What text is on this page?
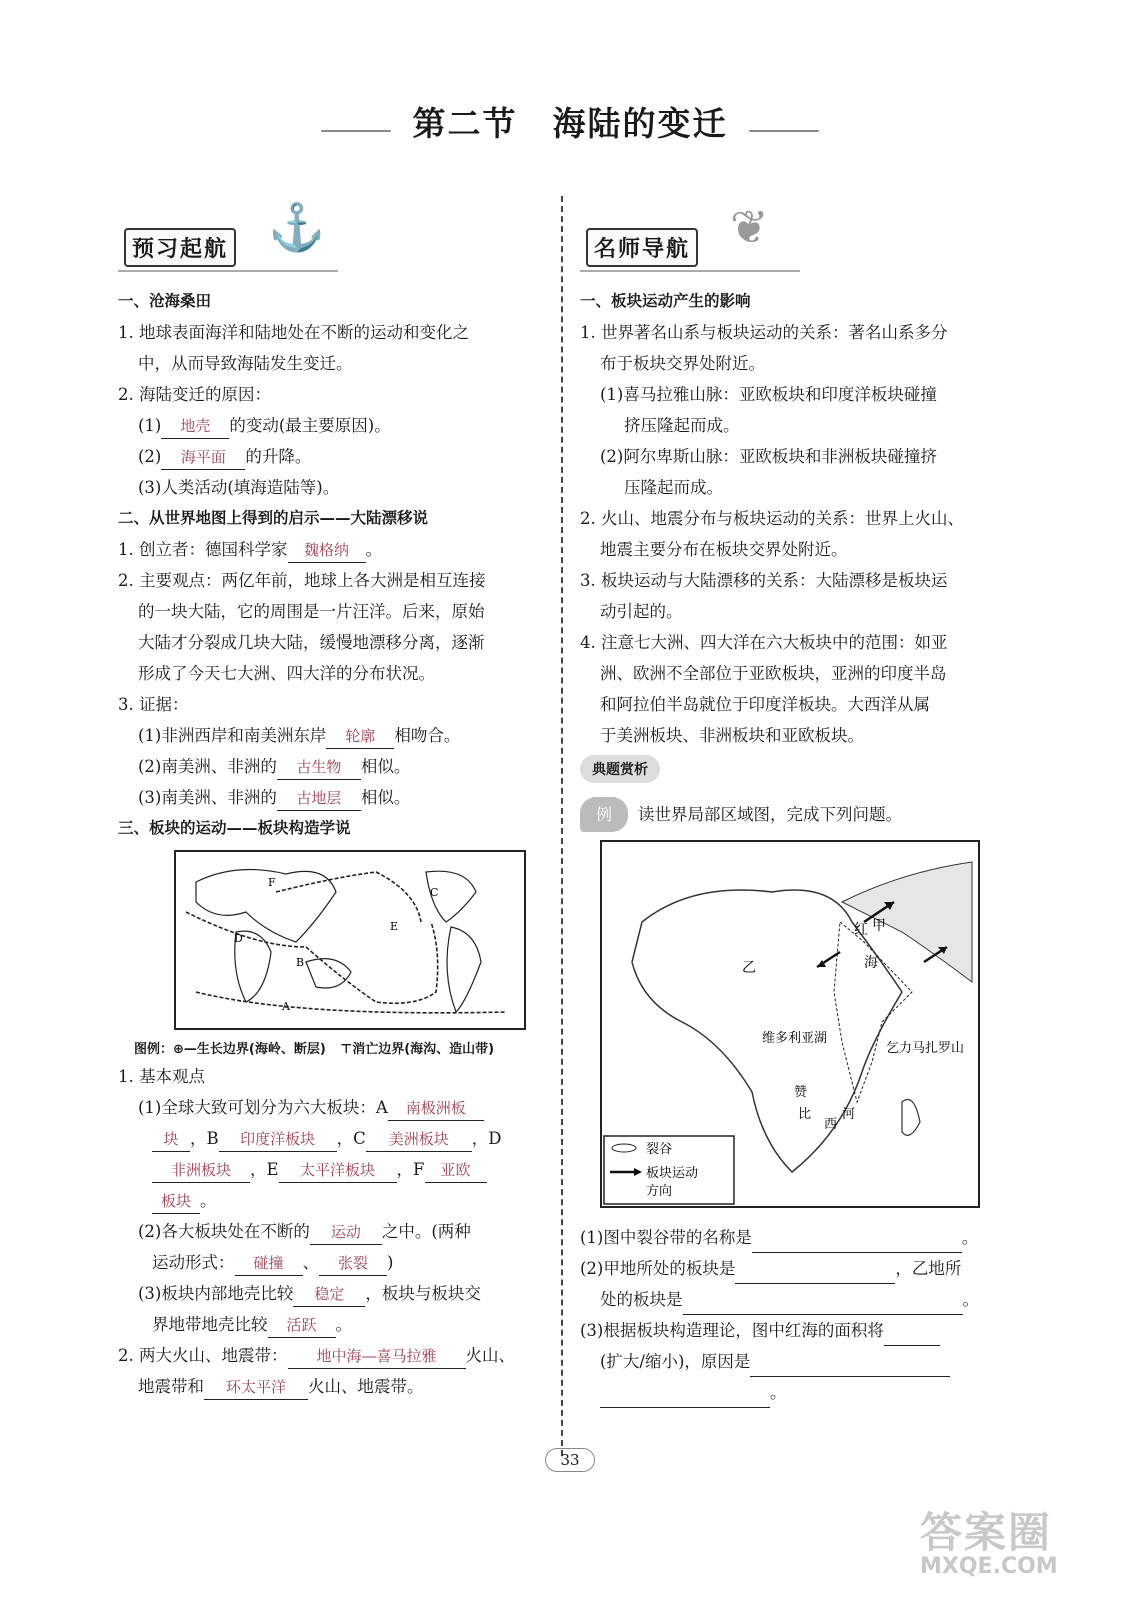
第二节　海陆的变迁
⚓
预习起航
一、沧海桑田
1. 地球表面海洋和陆地处在不断的运动和变化之
中，从而导致海陆发生变迁。
2. 海陆变迁的原因：
(1) 地壳 的变动(最主要原因)。
(2) 海平面 的升降。
(3)人类活动(填海造陆等)。
二、从世界地图上得到的启示——大陆漂移说
1. 创立者：德国科学家 魏格纳 。
2. 主要观点：两亿年前，地球上各大洲是相互连接
的一块大陆，它的周围是一片汪洋。后来，原始
大陆才分裂成几块大陆，缓慢地漂移分离，逐渐
形成了今天七大洲、四大洋的分布状况。
3. 证据：
(1)非洲西岸和南美洲东岸 轮廓 相吻合。
(2)南美洲、非洲的 古生物 相似。
(3)南美洲、非洲的 古地层 相似。
三、板块的运动——板块构造学说
F
C
D
B
E
A
图例：⊕—生长边界(海岭、断层) ⊤消亡边界(海沟、造山带)
1. 基本观点
(1)全球大致可划分为六大板块：A 南极洲板
块 ，B 印度洋板块 ，C 美洲板块 ，D
非洲板块 ，E 太平洋板块 ，F 亚欧
板块 。
(2)各大板块处在不断的 运动 之中。(两种
运动形式： 碰撞 、 张裂 )
(3)板块内部地壳比较 稳定 ，板块与板块交
界地带地壳比较 活跃 。
2. 两大火山、地震带： 地中海—喜马拉雅 火山、
地震带和 环太平洋 火山、地震带。
❦
名师导航
一、板块运动产生的影响
1. 世界著名山系与板块运动的关系：著名山系多分
布于板块交界处附近。
(1)喜马拉雅山脉：亚欧板块和印度洋板块碰撞
挤压隆起而成。
(2)阿尔卑斯山脉：亚欧板块和非洲板块碰撞挤
压隆起而成。
2. 火山、地震分布与板块运动的关系：世界上火山、
地震主要分布在板块交界处附近。
3. 板块运动与大陆漂移的关系：大陆漂移是板块运
动引起的。
4. 注意七大洲、四大洋在六大板块中的范围：如亚
洲、欧洲不全部位于亚欧板块，亚洲的印度半岛
和阿拉伯半岛就位于印度洋板块。大西洋从属
于美洲板块、非洲板块和亚欧板块。
典题赏析
例 读世界局部区域图，完成下列问题。
甲
红
海
乙
维多利亚湖
乞力马扎罗山
赞
比
西
河
裂谷
板块运动
方向
(1)图中裂谷带的名称是	。
(2)甲地所处的板块是	，乙地所
处的板块是	。
(3)根据板块构造理论，图中红海的面积将
(扩大/缩小)，原因是
。
33
答案圈
MXQE.COM
